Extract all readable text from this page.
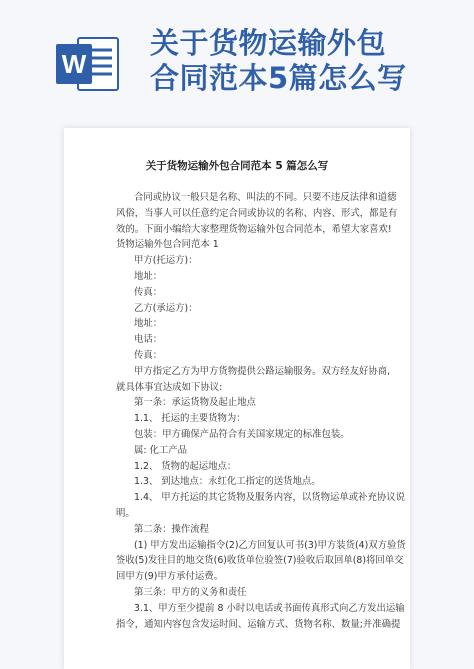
W
关于货物运输外包
合同范本5篇怎么写
关于货物运输外包合同范本 5 篇怎么写

合同或协议一般只是名称、叫法的不同。只要不违反法律和道德

风俗，当事人可以任意约定合同或协议的名称、内容、形式，都是有

效的。下面小编给大家整理货物运输外包合同范本，希望大家喜欢!

货物运输外包合同范本 1

甲方(托运方)：

地址：

传真：

乙方(承运方)：

地址：

电话：

传真：

甲方指定乙方为甲方货物提供公路运输服务。双方经友好协商,

就具体事宜达成如下协议:

第一条：承运货物及起止地点

1.1、 托运的主要货物为：

包装：甲方确保产品符合有关国家规定的标准包装。

属: 化工产品

1.2、 货物的起运地点：

1.3、 到达地点：永红化工指定的送货地点。

1.4、 甲方托运的其它货物及服务内容，以货物运单或补充协议说

明。

第二条：操作流程

(1) 甲方发出运输指令(2)乙方回复认可书(3)甲方装货(4)双方验货

签收(5)发往目的地交货(6)收货单位验签(7)验收后取回单(8)将回单交

回甲方(9)甲方承付运费。

第三条：甲方的义务和责任

3.1、甲方至少提前 8 小时以电话或书面传真形式向乙方发出运输

指令，通知内容包含发运时间、运输方式、货物名称、数量;并准确提
